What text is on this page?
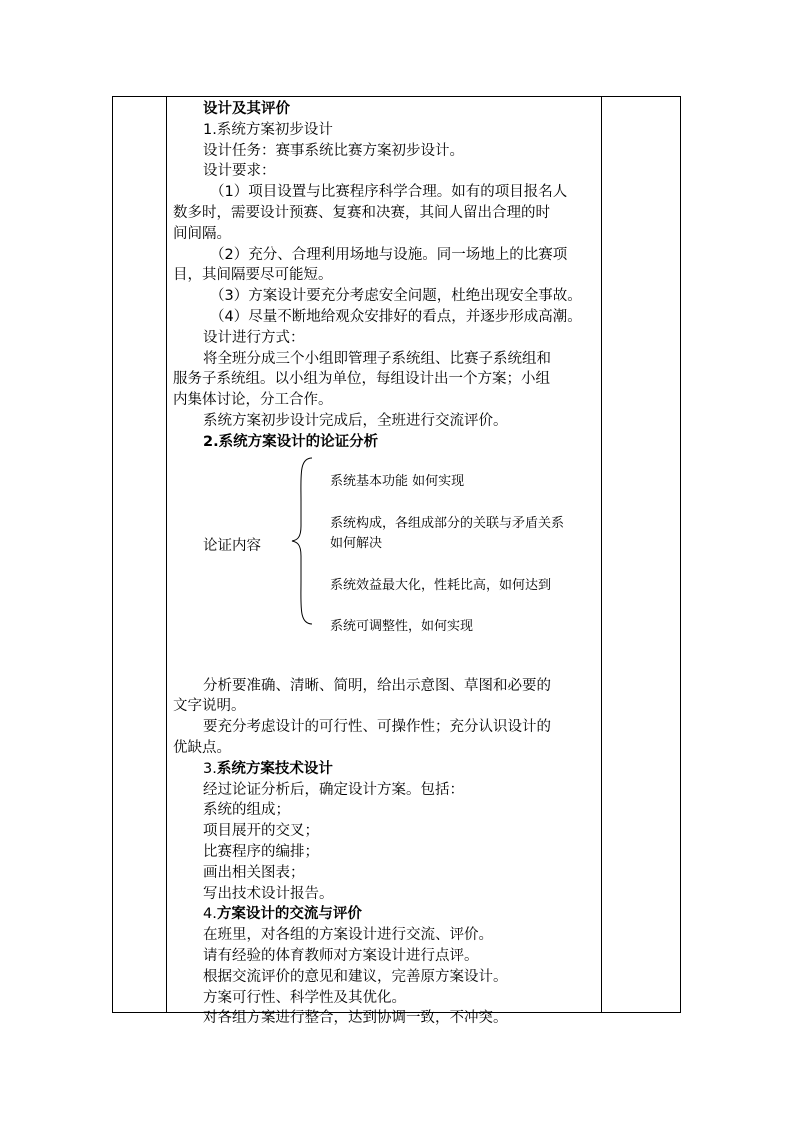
设计及其评价
1.系统方案初步设计
设计任务：赛事系统比赛方案初步设计。
设计要求：
（1）项目设置与比赛程序科学合理。如有的项目报名人
数多时，需要设计预赛、复赛和决赛，其间人留出合理的时
间间隔。
（2）充分、合理利用场地与设施。同一场地上的比赛项
目，其间隔要尽可能短。
（3）方案设计要充分考虑安全问题，杜绝出现安全事故。
（4）尽量不断地给观众安排好的看点，并逐步形成高潮。
设计进行方式：
将全班分成三个小组即管理子系统组、比赛子系统组和
服务子系统组。以小组为单位，每组设计出一个方案；小组
内集体讨论，分工合作。
系统方案初步设计完成后，全班进行交流评价。
2.系统方案设计的论证分析
论证内容
系统基本功能 如何实现
系统构成，各组成部分的关联与矛盾关系
如何解决
系统效益最大化，性耗比高，如何达到
系统可调整性，如何实现
分析要准确、清晰、简明，给出示意图、草图和必要的
文字说明。
要充分考虑设计的可行性、可操作性；充分认识设计的
优缺点。
3.系统方案技术设计
经过论证分析后，确定设计方案。包括：
系统的组成；
项目展开的交叉；
比赛程序的编排；
画出相关图表；
写出技术设计报告。
4.方案设计的交流与评价
在班里，对各组的方案设计进行交流、评价。
请有经验的体育教师对方案设计进行点评。
根据交流评价的意见和建议，完善原方案设计。
方案可行性、科学性及其优化。
对各组方案进行整合，达到协调一致，不冲突。
